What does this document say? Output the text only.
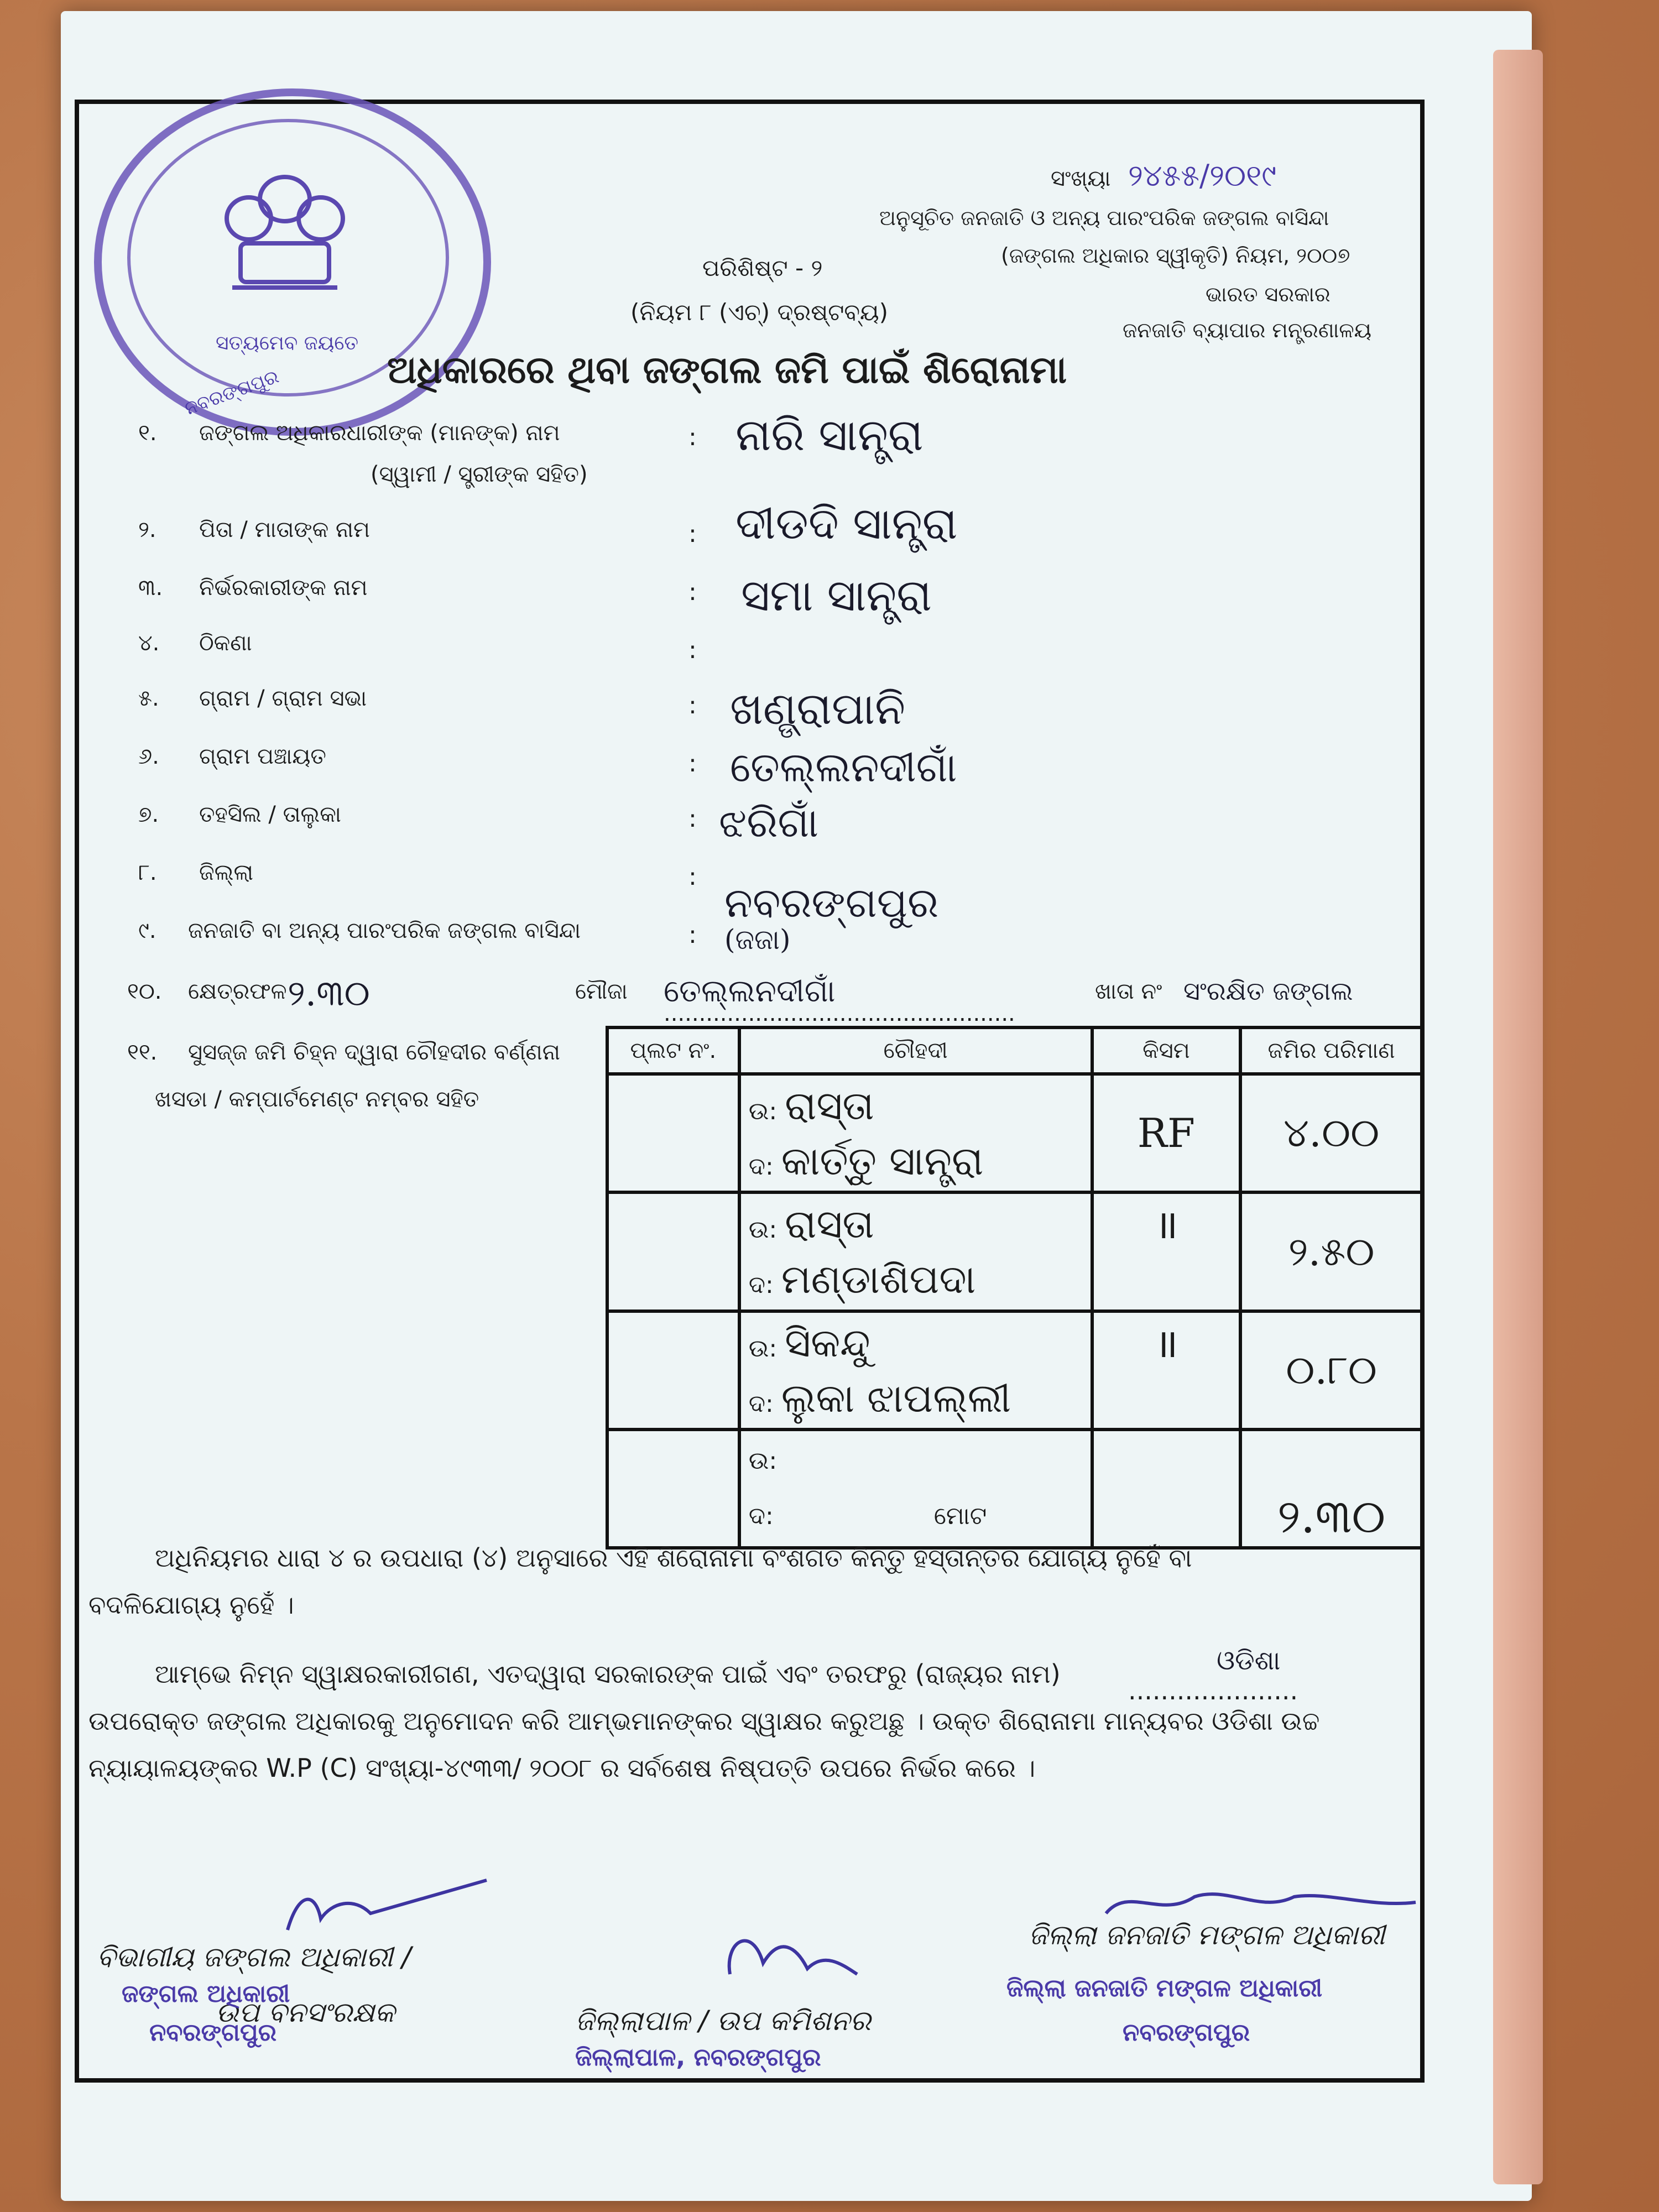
ସତ୍ୟମେବ ଜୟତେ
ନବରଙ୍ଗପୁର
ସଂଖ୍ୟା ୨୪୫୫/୨୦୧୯
ଅନୁସୂଚିତ ଜନଜାତି ଓ ଅନ୍ୟ ପାରଂପରିକ ଜଙ୍ଗଲ ବାସିନ୍ଦା
(ଜଙ୍ଗଲ ଅଧିକାର ସ୍ୱୀକୃତି) ନିୟମ, ୨୦୦୭
ଭାରତ ସରକାର
ଜନଜାତି ବ୍ୟାପାର ମନ୍ତ୍ରଣାଳୟ
ପରିଶିଷ୍ଟ - ୨
(ନିୟମ ୮ (ଏଚ୍) ଦ୍ରଷ୍ଟବ୍ୟ)
ଅଧିକାରରେ ଥିବା ଜଙ୍ଗଲ ଜମି ପାଇଁ ଶିରୋନାମା
୧. ଜଙ୍ଗଲ ଅଧିକାରଧାରୀଙ୍କ (ମାନଙ୍କ) ନାମ
(ସ୍ୱାମୀ / ସ୍ତ୍ରୀଙ୍କ ସହିତ)
: ନାରି ସାନ୍ତ୍ରା
୨. ପିତା / ମାତାଙ୍କ ନାମ	: ଦୀଡଦି ସାନ୍ତ୍ରା
୩. ନିର୍ଭରକାରୀଙ୍କ ନାମ	: ସମା ସାନ୍ତ୍ରା
୪. ଠିକଣା	:
୫. ଗ୍ରାମ / ଗ୍ରାମ ସଭା	: ଖଣ୍ଡ୍ରାପାନି
୬. ଗ୍ରାମ ପଞ୍ଚାୟତ	: ତେଲ୍ଲନଦୀଗାଁ
୭. ତହସିଲ / ତାଲୁକା	: ଝରିଗାଁ
୮. ଜିଲ୍ଲା	:
ନବରଙ୍ଗପୁର
୯. ଜନଜାତି ବା ଅନ୍ୟ ପାରଂପରିକ ଜଙ୍ଗଲ ବାସିନ୍ଦା	: (ଜଜା)
୧୦. କ୍ଷେତ୍ରଫଳ ୨.୩୦	ମୌଜା ତେଲ୍ଲନଦୀଗାଁ
..................................................
ଖାତା ନଂ ସଂରକ୍ଷିତ ଜଙ୍ଗଲ
୧୧. ସୁସଜ୍ଜ ଜମି ଚିହ୍ନ ଦ୍ୱାରା ଚୌହଦୀର ବର୍ଣ୍ଣନା
ଖସଡା / କମ୍ପାର୍ଟମେଣ୍ଟ ନମ୍ବର ସହିତ
ପ୍ଲଟ ନଂ.	ଚୌହଦୀ	କିସମ	ଜମିର ପରିମାଣ

	ଉ: ରାସ୍ତା
ଦ: କାର୍ତ୍ତୁ ସାନ୍ତ୍ରା	RF	୪.୦୦

	ଉ: ରାସ୍ତା
ଦ: ମଣ୍ଡାଶିପଦା	॥	୨.୫୦

	ଉ: ସିକନ୍ଦୁ
ଦ: ଲୁକା ଝାପଲ୍ଲୀ	॥	୦.୮୦

	ଉ:
ଦ: ମୋଟ		୨.୩୦
ଅଧିନିୟମର ଧାରା ୪ ର ଉପଧାରା (୪) ଅନୁସାରେ ଏହି ଶିରୋନାମା ବଂଶଗତ କିନ୍ତୁ ହସ୍ତାନ୍ତର ଯୋଗ୍ୟ ନୁହେଁ ବା
ବଦଳିଯୋଗ୍ୟ ନୁହେଁ ।
ଆମ୍ଭେ ନିମ୍ନ ସ୍ୱାକ୍ଷରକାରୀଗଣ, ଏତଦ୍ୱାରା ସରକାରଙ୍କ ପାଇଁ ଏବଂ ତରଫରୁ (ରାଜ୍ୟର ନାମ)
.....................
ଓଡିଶା
ଉପରୋକ୍ତ ଜଙ୍ଗଲ ଅଧିକାରକୁ ଅନୁମୋଦନ କରି ଆମ୍ଭମାନଙ୍କର ସ୍ୱାକ୍ଷର କରୁଅଛୁ । ଉକ୍ତ ଶିରୋନାମା ମାନ୍ୟବର ଓଡିଶା ଉଚ୍ଚ
ନ୍ୟାୟାଳୟଙ୍କର W.P (C) ସଂଖ୍ୟା-୪୯୩୩/ ୨୦୦୮ ର ସର୍ବଶେଷ ନିଷ୍ପତ୍ତି ଉପରେ ନିର୍ଭର କରେ ।
ବିଭାଗୀୟ ଜଙ୍ଗଲ ଅଧିକାରୀ /
ଉପ ବନସଂରକ୍ଷକ
ଜଙ୍ଗଲ ଅଧିକାରୀ
ନବରଙ୍ଗପୁର	ଜିଲ୍ଲାପାଳ / ଉପ କମିଶନର
ଜିଲ୍ଲାପାଳ, ନବରଙ୍ଗପୁର
ଜିଲ୍ଲା ଜନଜାତି ମଙ୍ଗଳ ଅଧିକାରୀ
ଜିଲ୍ଲା ଜନଜାତି ମଙ୍ଗଳ ଅଧିକାରୀ
ନବରଙ୍ଗପୁର
